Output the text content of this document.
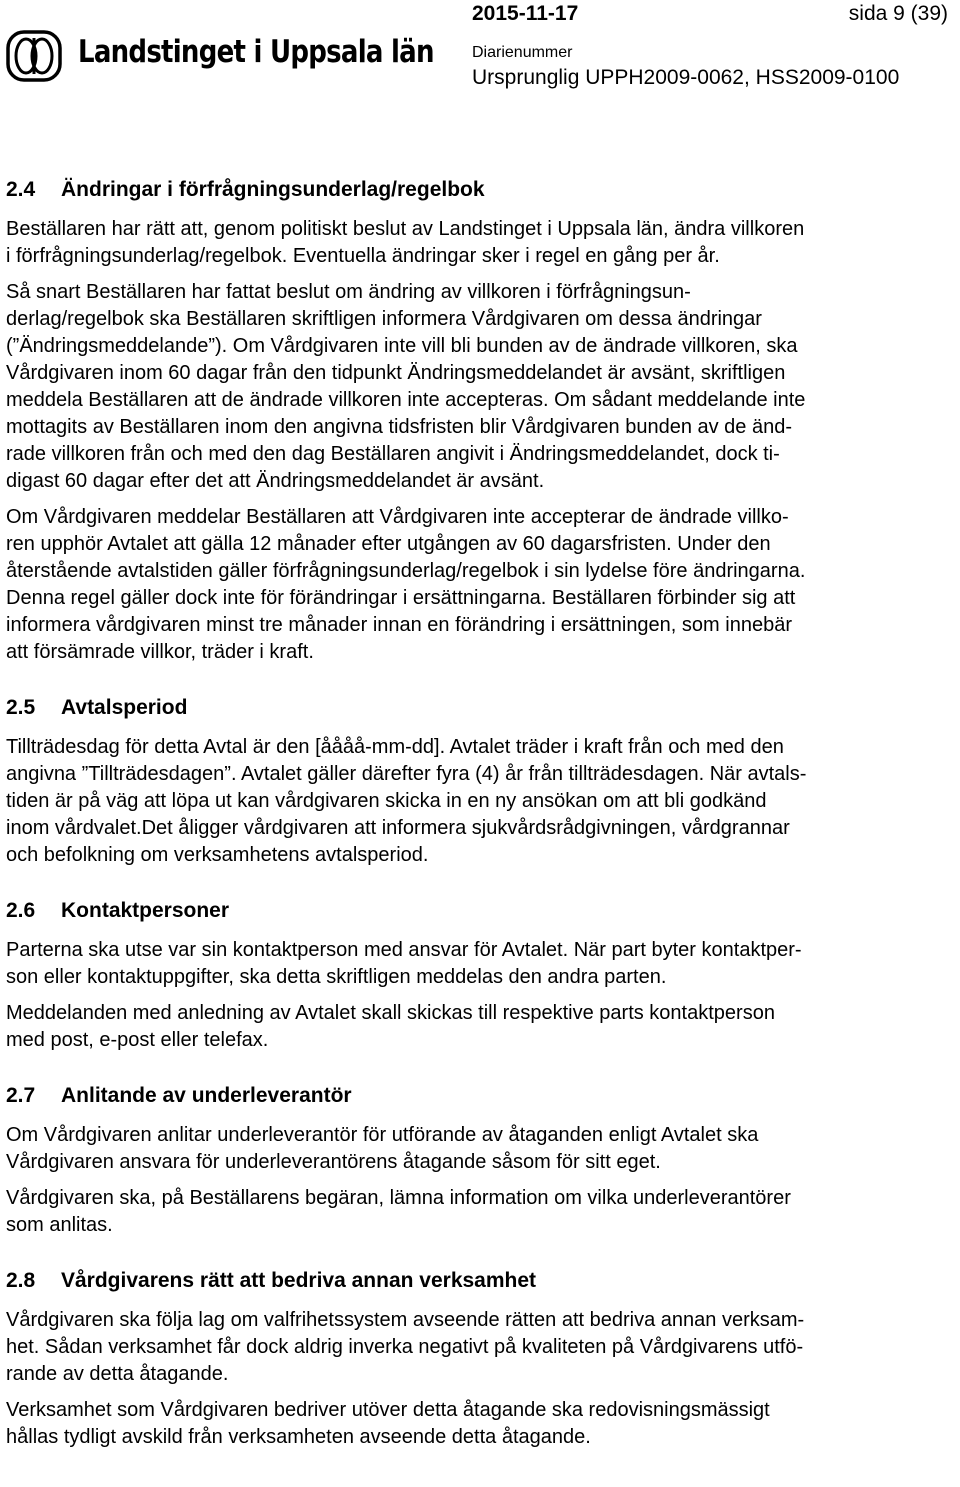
Landstinget i Uppsala län
2015-11-17	sida 9 (39)
Diarienummer
Ursprunglig UPPH2009-0062, HSS2009-0100
2.4 Ändringar i förfrågningsunderlag/regelbok

Beställaren har rätt att, genom politiskt beslut av Landstinget i Uppsala län, ändra villkoren
i förfrågningsunderlag/regelbok. Eventuella ändringar sker i regel en gång per år.

Så snart Beställaren har fattat beslut om ändring av villkoren i förfrågningsun-
derlag/regelbok ska Beställaren skriftligen informera Vårdgivaren om dessa ändringar
(”Ändringsmeddelande”). Om Vårdgivaren inte vill bli bunden av de ändrade villkoren, ska
Vårdgivaren inom 60 dagar från den tidpunkt Ändringsmeddelandet är avsänt, skriftligen
meddela Beställaren att de ändrade villkoren inte accepteras. Om sådant meddelande inte
mottagits av Beställaren inom den angivna tidsfristen blir Vårdgivaren bunden av de änd-
rade villkoren från och med den dag Beställaren angivit i Ändringsmeddelandet, dock ti-
digast 60 dagar efter det att Ändringsmeddelandet är avsänt.

Om Vårdgivaren meddelar Beställaren att Vårdgivaren inte accepterar de ändrade villko-
ren upphör Avtalet att gälla 12 månader efter utgången av 60 dagarsfristen. Under den
återstående avtalstiden gäller förfrågningsunderlag/regelbok i sin lydelse före ändringarna.
Denna regel gäller dock inte för förändringar i ersättningarna. Beställaren förbinder sig att
informera vårdgivaren minst tre månader innan en förändring i ersättningen, som innebär
att försämrade villkor, träder i kraft.

2.5 Avtalsperiod

Tillträdesdag för detta Avtal är den [åååå-mm-dd]. Avtalet träder i kraft från och med den
angivna ”Tillträdesdagen”. Avtalet gäller därefter fyra (4) år från tillträdesdagen. När avtals-
tiden är på väg att löpa ut kan vårdgivaren skicka in en ny ansökan om att bli godkänd
inom vårdvalet.Det åligger vårdgivaren att informera sjukvårdsrådgivningen, vårdgrannar
och befolkning om verksamhetens avtalsperiod.

2.6 Kontaktpersoner

Parterna ska utse var sin kontaktperson med ansvar för Avtalet. När part byter kontaktper-
son eller kontaktuppgifter, ska detta skriftligen meddelas den andra parten.

Meddelanden med anledning av Avtalet skall skickas till respektive parts kontaktperson
med post, e-post eller telefax.

2.7 Anlitande av underleverantör

Om Vårdgivaren anlitar underleverantör för utförande av åtaganden enligt Avtalet ska
Vårdgivaren ansvara för underleverantörens åtagande såsom för sitt eget.

Vårdgivaren ska, på Beställarens begäran, lämna information om vilka underleverantörer
som anlitas.

2.8 Vårdgivarens rätt att bedriva annan verksamhet

Vårdgivaren ska följa lag om valfrihetssystem avseende rätten att bedriva annan verksam-
het. Sådan verksamhet får dock aldrig inverka negativt på kvaliteten på Vårdgivarens utfö-
rande av detta åtagande.

Verksamhet som Vårdgivaren bedriver utöver detta åtagande ska redovisningsmässigt
hållas tydligt avskild från verksamheten avseende detta åtagande.
